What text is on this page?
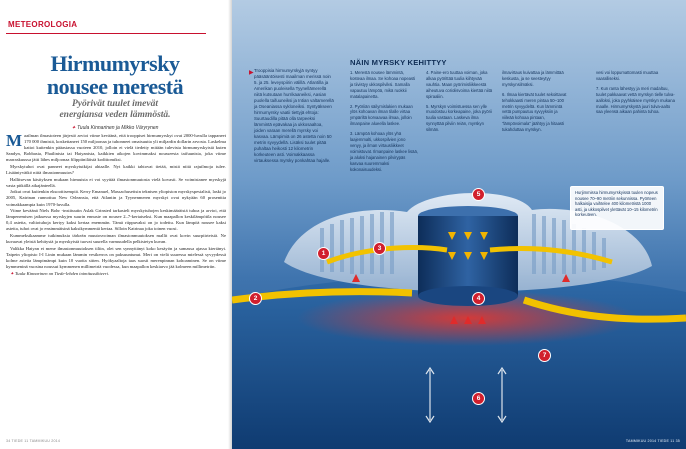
METEOROLOGIA
Hirmumyrsky
nousee merestä
Pyörivät tuulet imevät
energiansa veden lämmöstä.
✦ Tuula Kinnarinen ja Mikko Väryrynen

Maailman ilmastoteen järjestö arvioi viime keväänä, että trooppiset hirmumyrskyt ovat 2000-luvulla tappaneet 170 000 ihmistä, koskettaneet 150 miljoonaa ja tuhonneet omaisuutta yli miljardin dollarin arvosta. Laskelma kattoi kuitenkin pääasiassa vuoteen 2010, jolloin ei vielä tiedetty mitään tulevista hirmumyrskyistä kuten Sandyn, Bobbasta, Phailinista tai Haiyanista, kaikkien aikojen kovimmaksi nousseesta taifuunista, joka viime marraskuussa jätti lähes miljoonaa filippiiniläistä kodittomiksi.

Myrskytuhot ovat panneet myrskytutkijat ahtaalle. Nyt kaikki tahtovat tietää, mistä niitä rajuilmoja tulee. Lisääntyvätkö niitä ilmastonmuutos?

Hallitsevan käsityksen mukaan hirmuista ei voi syyttää ilmastonmuutosta vielä kovasti. Se voimistanee myrskyjä vasta pitkällä aikajänteellä.

Jotkut ovat kuitenkin eksoottisempiä. Kerry Emanuel, Massachusettsin teknisen yliopiston myrskyspesialisti, laski jo 2005, Katrinan runnottua New Orleansia, että Atlantin ja Tyynenmeren myrskyt ovat nykyään 60 prosenttia voimakkaampia kuin 1970-luvulla.

Viime keväänä Niels Bohr -instituutin Aslak Grinsted tarkasteli myrskytuhojen keskimääräistä tuhoa ja arvioi, että lämpenemisen jatkuessa myrskyjen suurin ennuste on nousee 2–7-kertaiseksi. Kun maapallon keskilämpötila nousee 0,4 astetta, valtiotuhoja kertyy kaksi kertaa enemmän. Tämä riippuvaksi on jo todettu. Kun lämpöä nousee kaksi astetta, tuhot ovat jo ensimmäisinä kaksikymmentä kertaa. Silloin Katrinaa joka toinen vuosi.

Kummeksikaamme tutkimuksia tärkeän muutosvoiman ilmastonmuutoksen mallit ovat kovin suurpiirteisiä. Ne kuvaavat yleistä kehitystä ja myrskyistä tuovat suurella varmuudella pelkistetyn kuvan.

Valikka Haiyan ei mene ilmastonmuutoksen tiliin, olet sen synnyttänyt koko kesäyön ja samassa ajassa kiertänyt. Taipein yliopisto I-I Linin mukaan lämmin vesikerros on paksuuntunut. Meri on vielä suuressa mielessä syvyydessä kolme astetta lämpimämpi kuin 10 vuotta sitten. Hyökyaaltoja taas suosii merenpinnan kohoaminen. Se on viime kymmeninä vuosina noussut kymmenen millimetriä vuodessa, kun maapallon keskiarvo jää kolmeen millimetriin.

✦ Tuula Kinnarinen on Tiede-lehden toimitussihteeri.

34 TIEDE 11 TAMMIKUU 2014
▶ Trooppisia hirmumyrskyjä syntyy pääsääntöisesti maailman merissä noin 5. ja 25. leveyspiirin välillä. Atlantilla ja Amerikan puoleisella Tyynellämerellä niitä kutsutaan hurrikaaneiksi, Aasian puolella taifuuneiksi ja Intian valtamerellä ja Oseaniassa sykloneiksi. Syntyäkseen hirmumyrsky vaatii tiettyjä ehtoja: Suurtaudilla pitää olla tarpeeksi lämmintä epävakaa ja ukkosaaltoa, joiden varaan merellä myrsky voi kasvaa. Lämpimiä on 26 astetta noin 50 metrin syvyydellä. Lisäksi tuulet pitää puhaltaa heikosti 12 kilometrin korkeuteen asti. Voimakkaassa virtauksessa myrsky ponkahtaa hajalle.
NÄIN MYRSKY KEHITTYY

1. Merestä nousee lämmintä, kosteaa ilmaa. Se kohoaa nopeasti ja tiivistyy ukkospilviksi. Samalla vapautuu lämpöä, mikä ruokkii matalapainetta.

2. Pyöriiän säilymislakien mukaan ylös kohoavan ilman tilalle virtaa ympäriltä korvaavaa ilmaa, jolloin ilmanpaine alueella laskee.

3. Lämpöä kohoaa ylös yhä laajemmalti, ukkospilvien jono venyy, ja ilman virtausliikkeet voimistuvat. Ilmanpaine laskee lisää, ja aluksi hajanainen pilvirypäs kasvaa suuremmaksi kokonaisuudeksi.

4. Paine-ero tuuttaa voiman, joka alkaa pyörittää tuulia kiihtyvää vauhtia. Maan pyörimisliikkeestä aiheutuva coriolisvoima kiertää niitä spiraaliin.

5. Myrskyn voimistuessa sen ylle muodostuu korkeapaine, joka pyörii tuulia vastaan. Laskeva ilma synnyttää pilviin reiän, myrskyn silmän.

ilmavirtaus kuivattaa ja lämmittää keskusta, ja se seesteytyy myrskynsilmäksi.

6. Ilmaa kiertävät tuulet sekoittavat tehokkaasti meren pintaa 50–100 metrin syvyydeltä. Kun lämmintä vettä pumpautuu syvyyksiin ja viileää kohoaa pintaan, "lämpövoimala" jäähtyy ja hitaasti tukahduttaa myrskyn.

vesi voi loppumattomasti muuttaa vaaralliseksi.

7. Kun ranta lähestyy ja meri madaltuu, tuulet pakkaavat vettä myrskyn tielle tulva-aalloksi, joka pyyhkäisee myrskyn mukana maalle. Hirmumyrskystä juuri tulva-aalto saa yleensä aikaan pahinta tuhoa.

Hurjimmissa hirmumyrskyissä tuulen nopeus nousee 70–90 metriin sekunnissa. Pyörteen halkaisija vaihtelee 400 kilometristä 1000 asti, ja ukkospilvet ylettävät 10–15 kilometrin korkeuteen.
1
2
3
4
5
6
7
TAMMIKUU 2014 TIEDE 11 35
